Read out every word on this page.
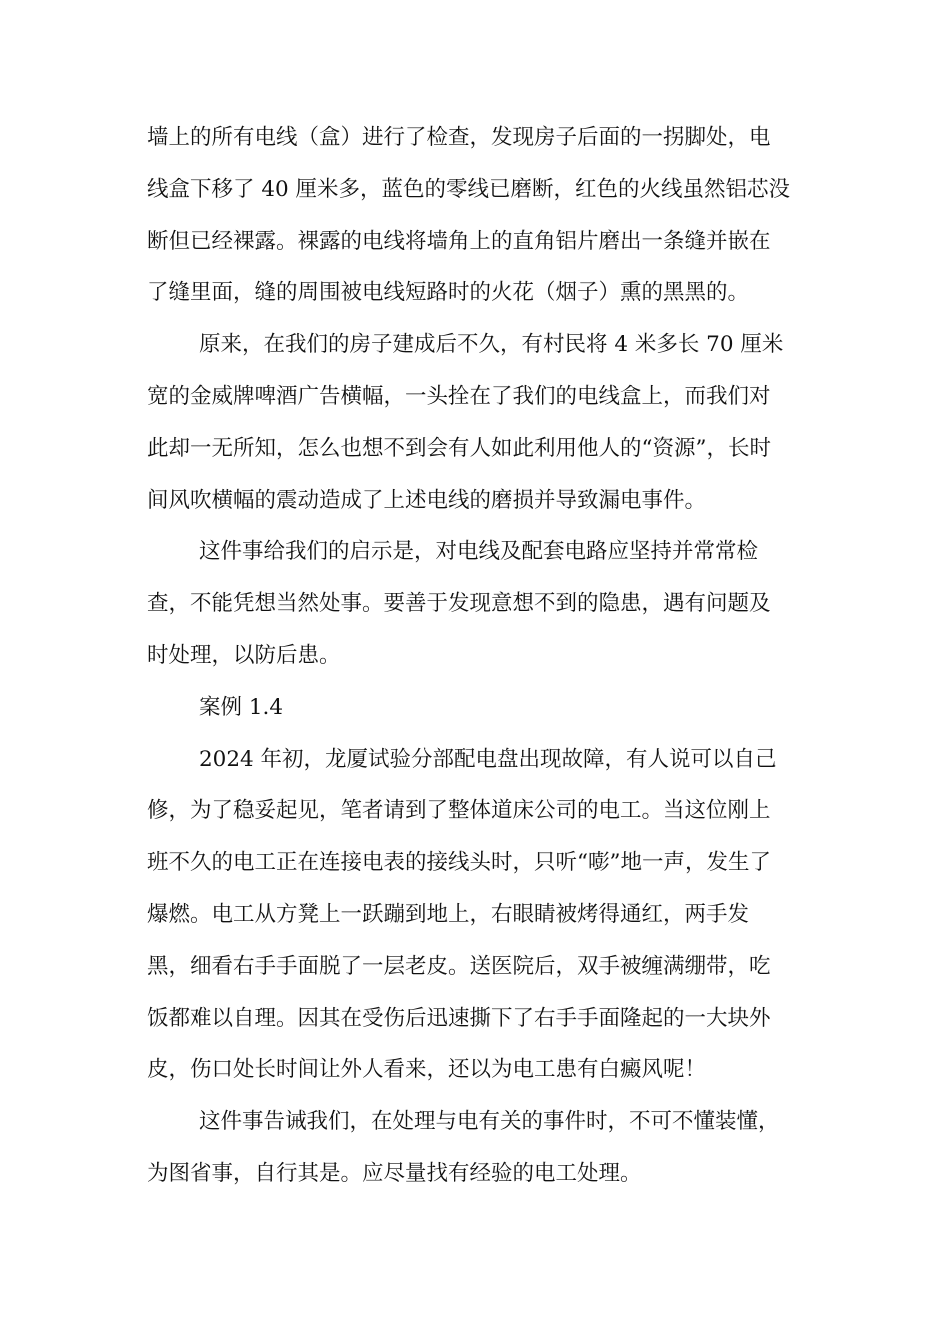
墙上的所有电线（盒）进行了检查，发现房子后面的一拐脚处，电
线盒下移了 40 厘米多，蓝色的零线已磨断，红色的火线虽然铝芯没
断但已经裸露。裸露的电线将墙角上的直角铝片磨出一条缝并嵌在
了缝里面，缝的周围被电线短路时的火花（烟子）熏的黑黑的。
原来，在我们的房子建成后不久，有村民将 4 米多长 70 厘米
宽的金威牌啤酒广告横幅，一头拴在了我们的电线盒上，而我们对
此却一无所知，怎么也想不到会有人如此利用他人的“资源”，长时
间风吹横幅的震动造成了上述电线的磨损并导致漏电事件。
这件事给我们的启示是，对电线及配套电路应坚持并常常检
查，不能凭想当然处事。要善于发现意想不到的隐患，遇有问题及
时处理，以防后患。
案例 1.4
2024 年初，龙厦试验分部配电盘出现故障，有人说可以自己
修，为了稳妥起见，笔者请到了整体道床公司的电工。当这位刚上
班不久的电工正在连接电表的接线头时，只听“嘭”地一声，发生了
爆燃。电工从方凳上一跃蹦到地上，右眼睛被烤得通红，两手发
黑，细看右手手面脱了一层老皮。送医院后，双手被缠满绷带，吃
饭都难以自理。因其在受伤后迅速撕下了右手手面隆起的一大块外
皮，伤口处长时间让外人看来，还以为电工患有白癜风呢！
这件事告诫我们，在处理与电有关的事件时，不可不懂装懂，
为图省事，自行其是。应尽量找有经验的电工处理。
